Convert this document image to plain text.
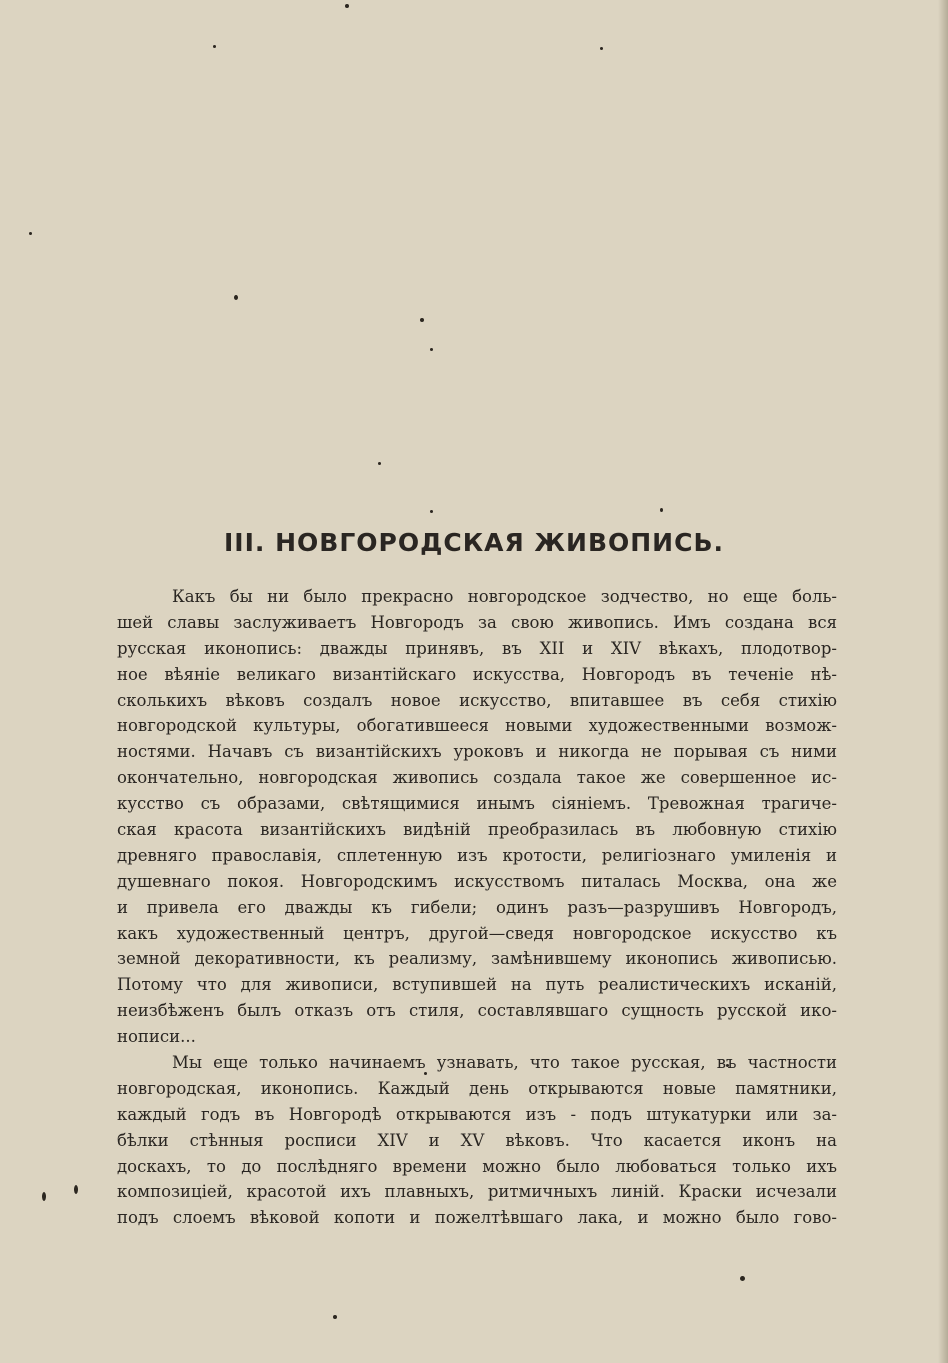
III. НОВГОРОДСКАЯ ЖИВОПИСЬ.
Какъ бы ни было прекрасно новгородское зодчество, но еще боль-
шей славы заслуживаетъ Новгородъ за свою живопись. Имъ создана вся
русская иконопись: дважды принявъ, въ XII и XIV вѣкахъ, плодотвор-
ное вѣяніе великаго византійскаго искусства, Новгородъ въ теченіе нѣ-
сколькихъ вѣковъ создалъ новое искусство, впитавшее въ себя стихію
новгородской культуры, обогатившееся новыми художественными возмож-
ностями. Начавъ съ византійскихъ уроковъ и никогда не порывая съ ними
окончательно, новгородская живопись создала такое же совершенное ис-
кусство съ образами, свѣтящимися инымъ сіяніемъ. Тревожная трагиче-
ская красота византійскихъ видѣній преобразилась въ любовную стихію
древняго православія, сплетенную изъ кротости, религіознаго умиленія и
душевнаго покоя. Новгородскимъ искусствомъ питалась Москва, она же
и привела его дважды къ гибели; одинъ разъ—разрушивъ Новгородъ,
какъ художественный центръ, другой—сведя новгородское искусство къ
земной декоративности, къ реализму, замѣнившему иконопись живописью.
Потому что для живописи, вступившей на путь реалистическихъ исканій,
неизбѣженъ былъ отказъ отъ стиля, составлявшаго сущность русской ико-
нописи...
Мы еще только начинаемъ узнавать, что такое русская, въ частности
новгородская, иконопись. Каждый день открываются новые памятники,
каждый годъ въ Новгородѣ открываются изъ - подъ штукатурки или за-
бѣлки стѣнныя росписи XIV и XV вѣковъ. Что касается иконъ на
доскахъ, то до послѣдняго времени можно было любоваться только ихъ
композиціей, красотой ихъ плавныхъ, ритмичныхъ линій. Краски исчезали
подъ слоемъ вѣковой копоти и пожелтѣвшаго лака, и можно было гово-
